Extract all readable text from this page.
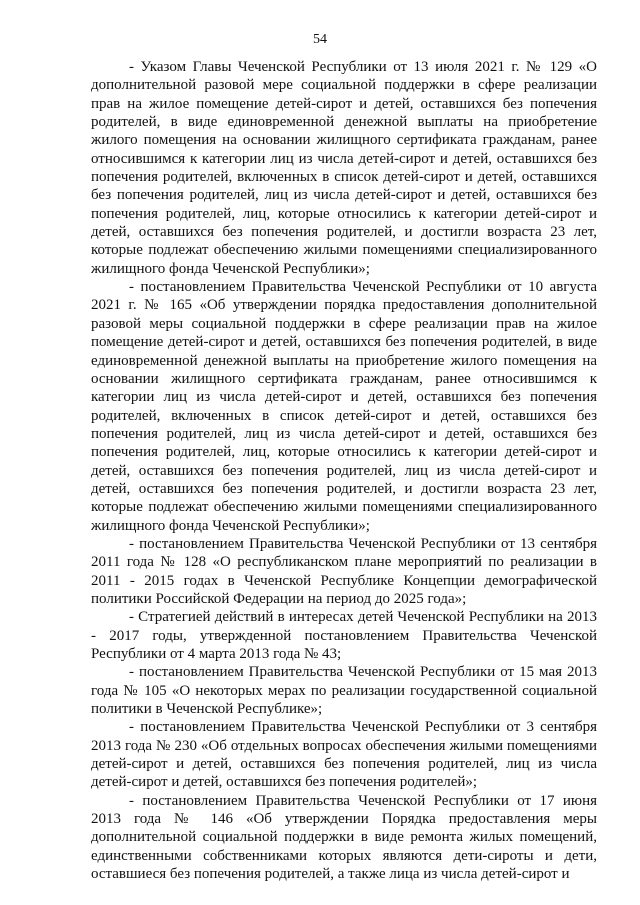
54

- Указом Главы Чеченской Республики от 13 июля 2021 г. № 129 «О дополнительной разовой мере социальной поддержки в сфере реализации прав на жилое помещение детей-сирот и детей, оставшихся без попечения родителей, в виде единовременной денежной выплаты на приобретение жилого помещения на основании жилищного сертификата гражданам, ранее относившимся к категории лиц из числа детей-сирот и детей, оставшихся без попечения родителей, включенных в список детей-сирот и детей, оставшихся без попечения родителей, лиц из числа детей-сирот и детей, оставшихся без попечения родителей, лиц, которые относились к категории детей-сирот и детей, оставшихся без попечения родителей, и достигли возраста 23 лет, которые подлежат обеспечению жилыми помещениями специализированного жилищного фонда Чеченской Республики»;

- постановлением Правительства Чеченской Республики от 10 августа 2021 г. № 165 «Об утверждении порядка предоставления дополнительной разовой меры социальной поддержки в сфере реализации прав на жилое помещение детей-сирот и детей, оставшихся без попечения родителей, в виде единовременной денежной выплаты на приобретение жилого помещения на основании жилищного сертификата гражданам, ранее относившимся к категории лиц из числа детей-сирот и детей, оставшихся без попечения родителей, включенных в список детей-сирот и детей, оставшихся без попечения родителей, лиц из числа детей-сирот и детей, оставшихся без попечения родителей, лиц, которые относились к категории детей-сирот и детей, оставшихся без попечения родителей, лиц из числа детей-сирот и детей, оставшихся без попечения родителей, и достигли возраста 23 лет, которые подлежат обеспечению жилыми помещениями специализированного жилищного фонда Чеченской Республики»;

- постановлением Правительства Чеченской Республики от 13 сентября 2011 года № 128 «О республиканском плане мероприятий по реализации в 2011 - 2015 годах в Чеченской Республике Концепции демографической политики Российской Федерации на период до 2025 года»;

- Стратегией действий в интересах детей Чеченской Республики на 2013 - 2017 годы, утвержденной постановлением Правительства Чеченской Республики от 4 марта 2013 года № 43;

- постановлением Правительства Чеченской Республики от 15 мая 2013 года № 105 «О некоторых мерах по реализации государственной социальной политики в Чеченской Республике»;

- постановлением Правительства Чеченской Республики от 3 сентября 2013 года № 230 «Об отдельных вопросах обеспечения жилыми помещениями детей-сирот и детей, оставшихся без попечения родителей, лиц из числа детей-сирот и детей, оставшихся без попечения родителей»;

- постановлением Правительства Чеченской Республики от 17 июня 2013 года № 146 «Об утверждении Порядка предоставления меры дополнительной социальной поддержки в виде ремонта жилых помещений, единственными собственниками которых являются дети-сироты и дети, оставшиеся без попечения родителей, а также лица из числа детей-сирот и
